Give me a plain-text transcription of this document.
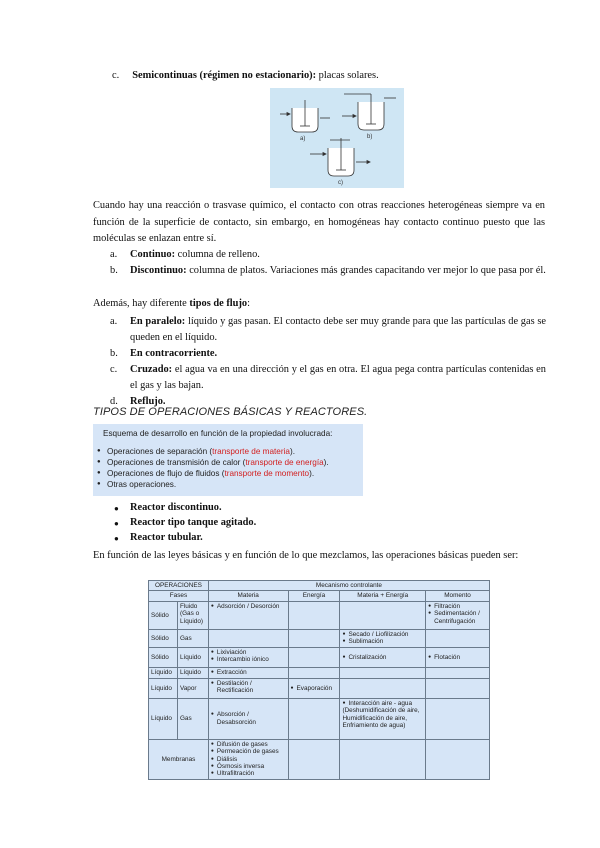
c. Semicontinuas (régimen no estacionario): placas solares.
a)	b)
c)
Cuando hay una reacción o trasvase químico, el contacto con otras reacciones heterogéneas siempre va en función de la superficie de contacto, sin embargo, en homogéneas hay contacto continuo puesto que las moléculas se enlazan entre sí.
a. Continuo: columna de relleno.
b. Discontinuo: columna de platos. Variaciones más grandes capacitando ver mejor lo que pasa por él.
Además, hay diferente tipos de flujo:
a. En paralelo: líquido y gas pasan. El contacto debe ser muy grande para que las partículas de gas se queden en el líquido.
b. En contracorriente.
c. Cruzado: el agua va en una dirección y el gas en otra. El agua pega contra partículas contenidas en el gas y las bajan.
d. Reflujo.
TIPOS DE OPERACIONES BÁSICAS Y REACTORES.
Esquema de desarrollo en función de la propiedad involucrada:
● Operaciones de separación (transporte de materia).
● Operaciones de transmisión de calor (transporte de energía).
● Operaciones de flujo de fluidos (transporte de momento).
● Otras operaciones.
● Reactor discontinuo.
● Reactor tipo tanque agitado.
● Reactor tubular.
En función de las leyes básicas y en función de lo que mezclamos, las operaciones básicas pueden ser:
OPERACIONES		Mecanismo controlante			
Fases		Materia	Energía	Materia + Energía	Momento
Sólido	Fluido (Gas o Líquido)	● Adsorción / Desorción			● Filtración
● Sedimentación / Centrifugación

Sólido	Gas			● Secado / Liofilización
● Sublimación

Sólido	Líquido	● Lixiviación
● Intercambio iónico		● Cristalización	● Flotación

Líquido	Líquido	● Extracción

Líquido	Vapor	● Destilación / Rectificación	● Evaporación

Líquido	Gas	● Absorción / Desabsorción		● Interacción aire - agua
(Deshumidificación de aire, Humidificación de aire, Enfriamiento de agua)

Membranas		● Difusión de gases
● Permeación de gases
● Diálisis
● Ósmosis inversa
● Ultrafiltración
